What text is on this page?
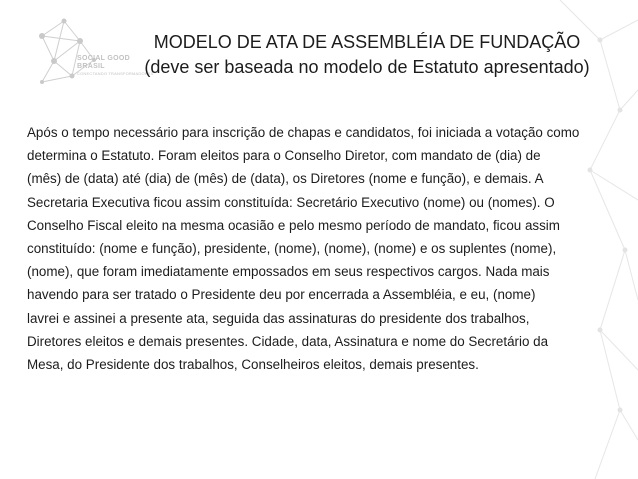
SOCIAL GOOD
BRASIL
CONECTANDO TRANSFORMADORES
MODELO DE ATA DE ASSEMBLÉIA DE FUNDAÇÃO
(deve ser baseada no modelo de Estatuto apresentado)
Após o tempo necessário para inscrição de chapas e candidatos, foi iniciada a votação como
determina o Estatuto. Foram eleitos para o Conselho Diretor, com mandato de (dia) de
(mês) de (data) até (dia) de (mês) de (data), os Diretores (nome e função), e demais. A
Secretaria Executiva ficou assim constituída: Secretário Executivo (nome) ou (nomes). O
Conselho Fiscal eleito na mesma ocasião e pelo mesmo período de mandato, ficou assim
constituído: (nome e função), presidente, (nome), (nome), (nome) e os suplentes (nome),
(nome), que foram imediatamente empossados em seus respectivos cargos. Nada mais
havendo para ser tratado o Presidente deu por encerrada a Assembléia, e eu, (nome)
lavrei e assinei a presente ata, seguida das assinaturas do presidente dos trabalhos,
Diretores eleitos e demais presentes. Cidade, data, Assinatura e nome do Secretário da
Mesa, do Presidente dos trabalhos, Conselheiros eleitos, demais presentes.
